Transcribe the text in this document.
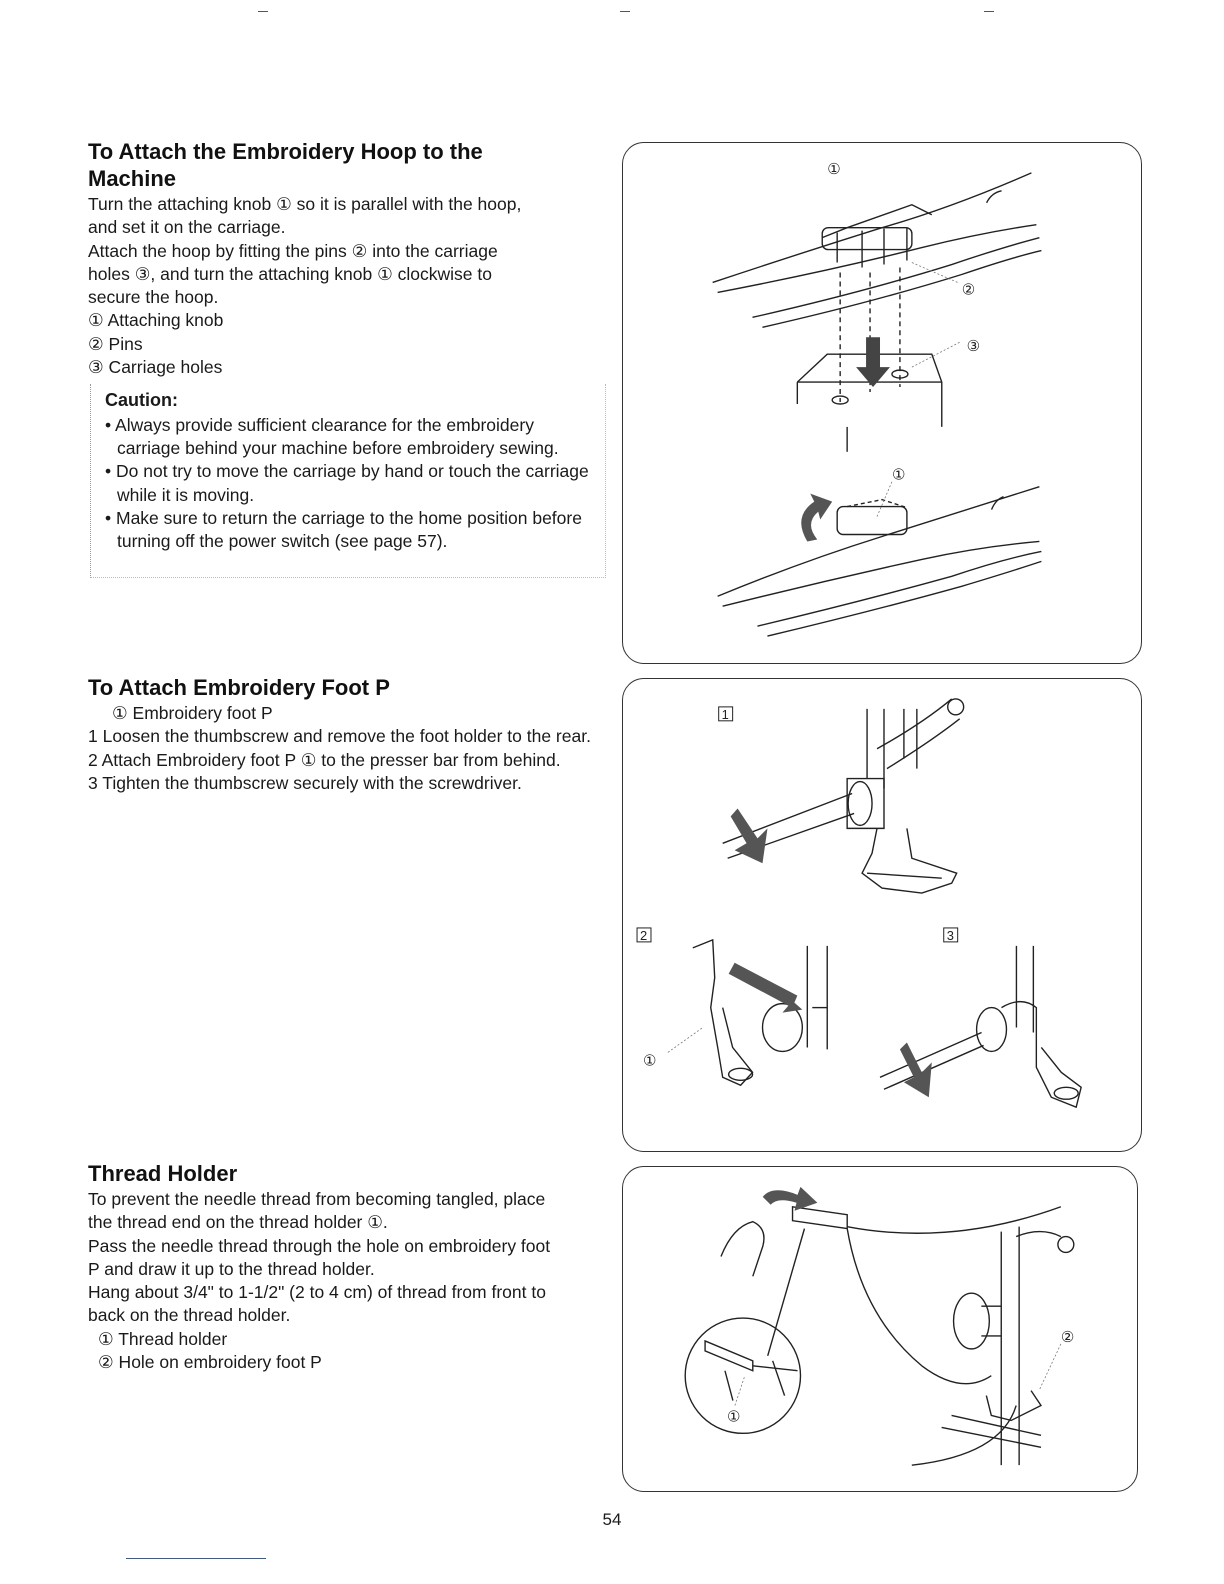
To Attach the Embroidery Hoop to the
Machine

Turn the attaching knob ① so it is parallel with the hoop,

and set it on the carriage.

Attach the hoop by fitting the pins ② into the carriage

holes ③, and turn the attaching knob ① clockwise to

secure the hoop.

① Attaching knob

② Pins

③ Carriage holes

Caution:
• Always provide sufficient clearance for the embroidery carriage behind your machine before embroidery sewing.
• Do not try to move the carriage by hand or touch the carriage while it is moving.
• Make sure to return the carriage to the home position before turning off the power switch (see page 57).
To Attach Embroidery Foot P

① Embroidery foot P

1 Loosen the thumbscrew and remove the foot holder to the rear.

2 Attach Embroidery foot P ① to the presser bar from behind.

3 Tighten the thumbscrew securely with the screwdriver.

Thread Holder

To prevent the needle thread from becoming tangled, place

the thread end on the thread holder ①.

Pass the needle thread through the hole on embroidery foot

P and draw it up to the thread holder.

Hang about 3/4" to 1-1/2" (2 to 4 cm) of thread from front to

back on the thread holder.

① Thread holder

② Hole on embroidery foot P

①
②
③
①
1
2	3
①
①
②
54
